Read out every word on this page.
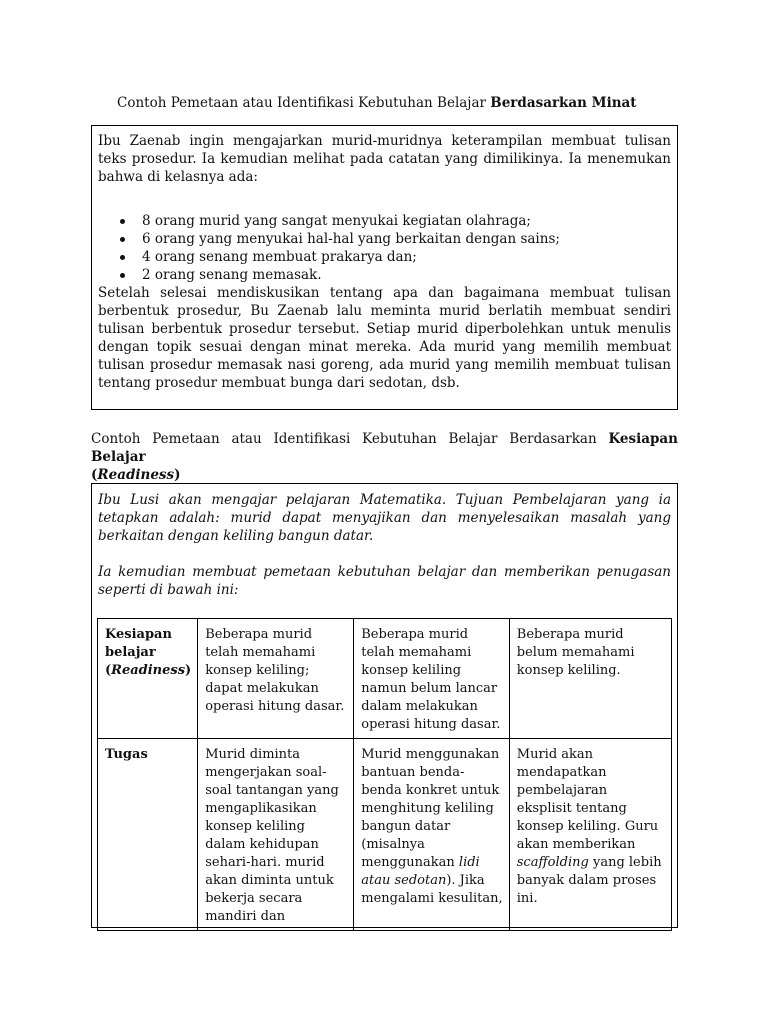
Contoh Pemetaan atau Identifikasi Kebutuhan Belajar Berdasarkan Minat

Ibu Zaenab ingin mengajarkan murid-muridnya keterampilan membuat tulisan teks prosedur. Ia kemudian melihat pada catatan yang dimilikinya. Ia menemukan bahwa di kelasnya ada:

8 orang murid yang sangat menyukai kegiatan olahraga;
6 orang yang menyukai hal-hal yang berkaitan dengan sains;
4 orang senang membuat prakarya dan;
2 orang senang memasak.

Setelah selesai mendiskusikan tentang apa dan bagaimana membuat tulisan berbentuk prosedur, Bu Zaenab lalu meminta murid berlatih membuat sendiri tulisan berbentuk prosedur tersebut. Setiap murid diperbolehkan untuk menulis dengan topik sesuai dengan minat mereka. Ada murid yang memilih membuat tulisan prosedur memasak nasi goreng, ada murid yang memilih membuat tulisan tentang prosedur membuat bunga dari sedotan, dsb.

Contoh Pemetaan atau Identifikasi Kebutuhan Belajar Berdasarkan Kesiapan Belajar
(Readiness)

Ibu Lusi akan mengajar pelajaran Matematika. Tujuan Pembelajaran yang ia tetapkan adalah: murid dapat menyajikan dan menyelesaikan masalah yang berkaitan dengan keliling bangun datar.

Ia kemudian membuat pemetaan kebutuhan belajar dan memberikan penugasan seperti di bawah ini:

Kesiapan belajar (Readiness)	Beberapa murid telah memahami konsep keliling; dapat melakukan operasi hitung dasar.	Beberapa murid telah memahami konsep keliling namun belum lancar dalam melakukan operasi hitung dasar.	Beberapa murid belum memahami konsep keliling.
Tugas	Murid diminta mengerjakan soal-soal tantangan yang mengaplikasikan konsep keliling dalam kehidupan sehari-hari. murid akan diminta untuk bekerja secara mandiri dan	Murid menggunakan bantuan benda-benda konkret untuk menghitung keliling bangun datar (misalnya menggunakan lidi atau sedotan). Jika mengalami kesulitan,	Murid akan mendapatkan pembelajaran eksplisit tentang konsep keliling. Guru akan memberikan scaffolding yang lebih banyak dalam proses ini.
